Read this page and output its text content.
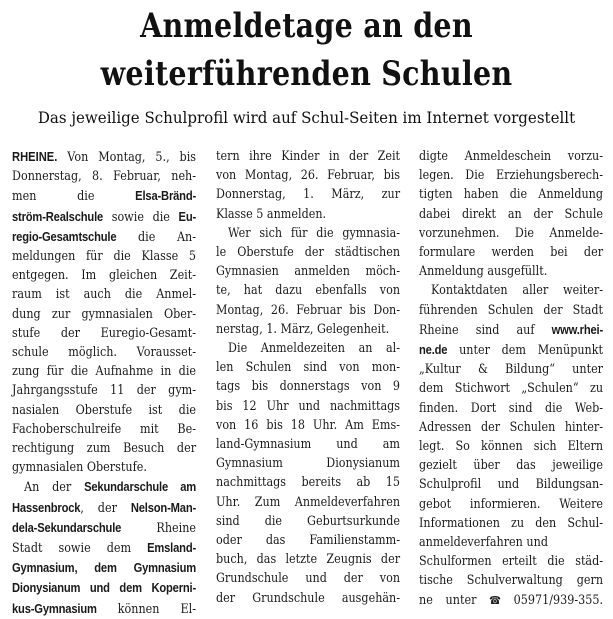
Anmeldetage an den
weiterführenden Schulen
Das jeweilige Schulprofil wird auf Schul-Seiten im Internet vorgestellt
RHEINE. Von Montag, 5., bis
Donnerstag, 8. Februar, neh-
men die Elsa-Bränd-
ström-Realschule sowie die Eu-
regio-Gesamtschule die An-
meldungen für die Klasse 5
entgegen. Im gleichen Zeit-
raum ist auch die Anmel-
dung zur gymnasialen Ober-
stufe der Euregio-Gesamt-
schule möglich. Vorausset-
zung für die Aufnahme in die
Jahrgangsstufe 11 der gym-
nasialen Oberstufe ist die
Fachoberschulreife mit Be-
rechtigung zum Besuch der
gymnasialen Oberstufe.
An der Sekundarschule am
Hassenbrock, der Nelson-Man-
dela-Sekundarschule Rheine
Stadt sowie dem Emsland-
Gymnasium, dem Gymnasium
Dionysianum und dem Koperni-
kus-Gymnasium können El-
tern ihre Kinder in der Zeit
von Montag, 26. Februar, bis
Donnerstag, 1. März, zur
Klasse 5 anmelden.
Wer sich für die gymnasia-
le Oberstufe der städtischen
Gymnasien anmelden möch-
te, hat dazu ebenfalls von
Montag, 26. Februar bis Don-
nerstag, 1. März, Gelegenheit.
Die Anmeldezeiten an al-
len Schulen sind von mon-
tags bis donnerstags von 9
bis 12 Uhr und nachmittags
von 16 bis 18 Uhr. Am Ems-
land-Gymnasium und am
Gymnasium Dionysianum
nachmittags bereits ab 15
Uhr. Zum Anmeldeverfahren
sind die Geburtsurkunde
oder das Familienstamm-
buch, das letzte Zeugnis der
Grundschule und der von
der Grundschule ausgehän-
digte Anmeldeschein vorzu-
legen. Die Erziehungsberech-
tigten haben die Anmeldung
dabei direkt an der Schule
vorzunehmen. Die Anmelde-
formulare werden bei der
Anmeldung ausgefüllt.
Kontaktdaten aller weiter-
führenden Schulen der Stadt
Rheine sind auf www.rhei-
ne.de unter dem Menüpunkt
„Kultur & Bildung“ unter
dem Stichwort „Schulen“ zu
finden. Dort sind die Web-
Adressen der Schulen hinter-
legt. So können sich Eltern
gezielt über das jeweilige
Schulprofil und Bildungsan-
gebot informieren. Weitere
Informationen zu den Schul-
anmeldeverfahren und
Schulformen erteilt die städ-
tische Schulverwaltung gern
ne unter ☎ 05971/939-355.
